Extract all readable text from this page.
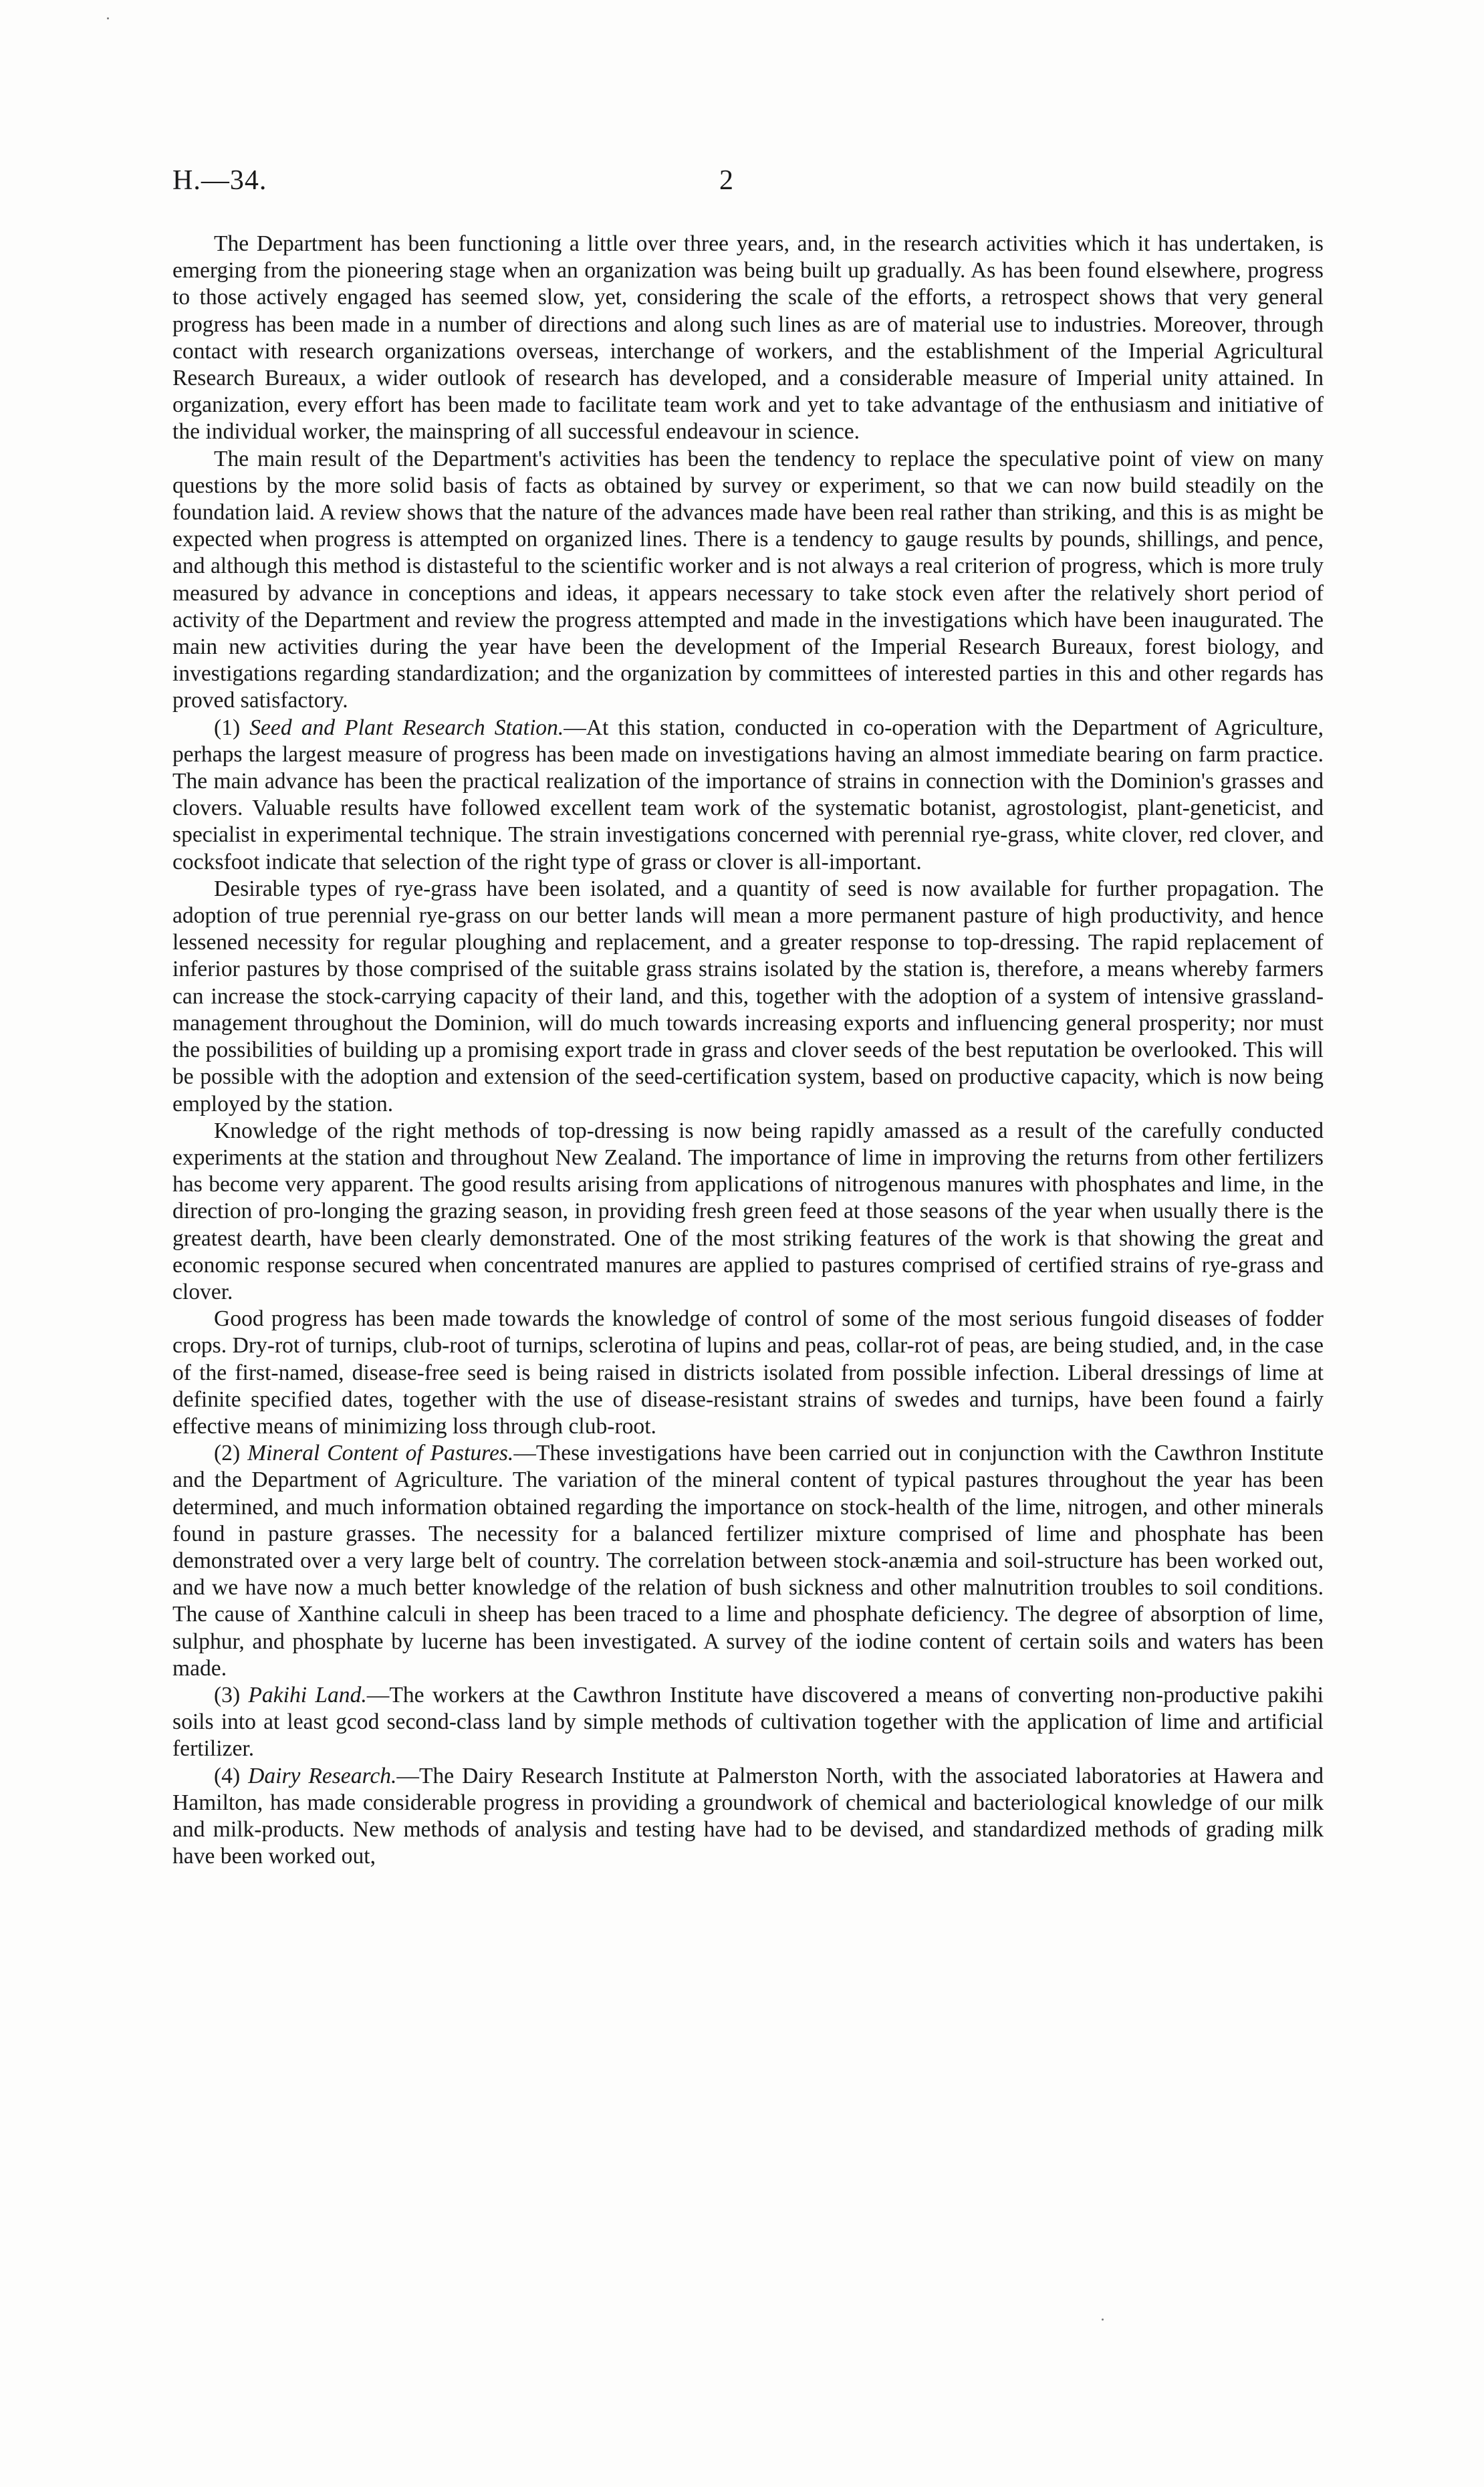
H.—34.	2

The Department has been functioning a little over three years, and, in the research activities which it has undertaken, is emerging from the pioneering stage when an organization was being built up gradually. As has been found elsewhere, progress to those actively engaged has seemed slow, yet, considering the scale of the efforts, a retrospect shows that very general progress has been made in a number of directions and along such lines as are of material use to industries. Moreover, through contact with research organizations overseas, interchange of workers, and the establishment of the Imperial Agricultural Research Bureaux, a wider outlook of research has developed, and a considerable measure of Imperial unity attained. In organization, every effort has been made to facilitate team work and yet to take advantage of the enthusiasm and initiative of the individual worker, the mainspring of all successful endeavour in science.

The main result of the Department's activities has been the tendency to replace the speculative point of view on many questions by the more solid basis of facts as obtained by survey or experiment, so that we can now build steadily on the foundation laid. A review shows that the nature of the advances made have been real rather than striking, and this is as might be expected when progress is attempted on organized lines. There is a tendency to gauge results by pounds, shillings, and pence, and although this method is distasteful to the scientific worker and is not always a real criterion of progress, which is more truly measured by advance in conceptions and ideas, it appears necessary to take stock even after the relatively short period of activity of the Department and review the progress attempted and made in the investigations which have been inaugurated. The main new activities during the year have been the development of the Imperial Research Bureaux, forest biology, and investigations regarding standardization; and the organization by committees of interested parties in this and other regards has proved satisfactory.

(1) Seed and Plant Research Station.—At this station, conducted in co-operation with the Department of Agriculture, perhaps the largest measure of progress has been made on investigations having an almost immediate bearing on farm practice. The main advance has been the practical realization of the importance of strains in connection with the Dominion's grasses and clovers. Valuable results have followed excellent team work of the systematic botanist, agrostologist, plant-geneticist, and specialist in experimental technique. The strain investigations concerned with perennial rye-grass, white clover, red clover, and cocksfoot indicate that selection of the right type of grass or clover is all-important.

Desirable types of rye-grass have been isolated, and a quantity of seed is now available for further propagation. The adoption of true perennial rye-grass on our better lands will mean a more permanent pasture of high productivity, and hence lessened necessity for regular ploughing and replacement, and a greater response to top-dressing. The rapid replacement of inferior pastures by those comprised of the suitable grass strains isolated by the station is, therefore, a means whereby farmers can increase the stock-carrying capacity of their land, and this, together with the adoption of a system of intensive grassland-management throughout the Dominion, will do much towards increasing exports and influencing general prosperity; nor must the possibilities of building up a promising export trade in grass and clover seeds of the best reputation be overlooked. This will be possible with the adoption and extension of the seed-certification system, based on productive capacity, which is now being employed by the station.

Knowledge of the right methods of top-dressing is now being rapidly amassed as a result of the carefully conducted experiments at the station and throughout New Zealand. The importance of lime in improving the returns from other fertilizers has become very apparent. The good results arising from applications of nitrogenous manures with phosphates and lime, in the direction of pro-longing the grazing season, in providing fresh green feed at those seasons of the year when usually there is the greatest dearth, have been clearly demonstrated. One of the most striking features of the work is that showing the great and economic response secured when concentrated manures are applied to pastures comprised of certified strains of rye-grass and clover.

Good progress has been made towards the knowledge of control of some of the most serious fungoid diseases of fodder crops. Dry-rot of turnips, club-root of turnips, sclerotina of lupins and peas, collar-rot of peas, are being studied, and, in the case of the first-named, disease-free seed is being raised in districts isolated from possible infection. Liberal dressings of lime at definite specified dates, together with the use of disease-resistant strains of swedes and turnips, have been found a fairly effective means of minimizing loss through club-root.

(2) Mineral Content of Pastures.—These investigations have been carried out in conjunction with the Cawthron Institute and the Department of Agriculture. The variation of the mineral content of typical pastures throughout the year has been determined, and much information obtained regarding the importance on stock-health of the lime, nitrogen, and other minerals found in pasture grasses. The necessity for a balanced fertilizer mixture comprised of lime and phosphate has been demonstrated over a very large belt of country. The correlation between stock-anæmia and soil-structure has been worked out, and we have now a much better knowledge of the relation of bush sickness and other malnutrition troubles to soil conditions. The cause of Xanthine calculi in sheep has been traced to a lime and phosphate deficiency. The degree of absorption of lime, sulphur, and phosphate by lucerne has been investigated. A survey of the iodine content of certain soils and waters has been made.

(3) Pakihi Land.—The workers at the Cawthron Institute have discovered a means of converting non-productive pakihi soils into at least gcod second-class land by simple methods of cultivation together with the application of lime and artificial fertilizer.

(4) Dairy Research.—The Dairy Research Institute at Palmerston North, with the associated laboratories at Hawera and Hamilton, has made considerable progress in providing a groundwork of chemical and bacteriological knowledge of our milk and milk-products. New methods of analysis and testing have had to be devised, and standardized methods of grading milk have been worked out,
